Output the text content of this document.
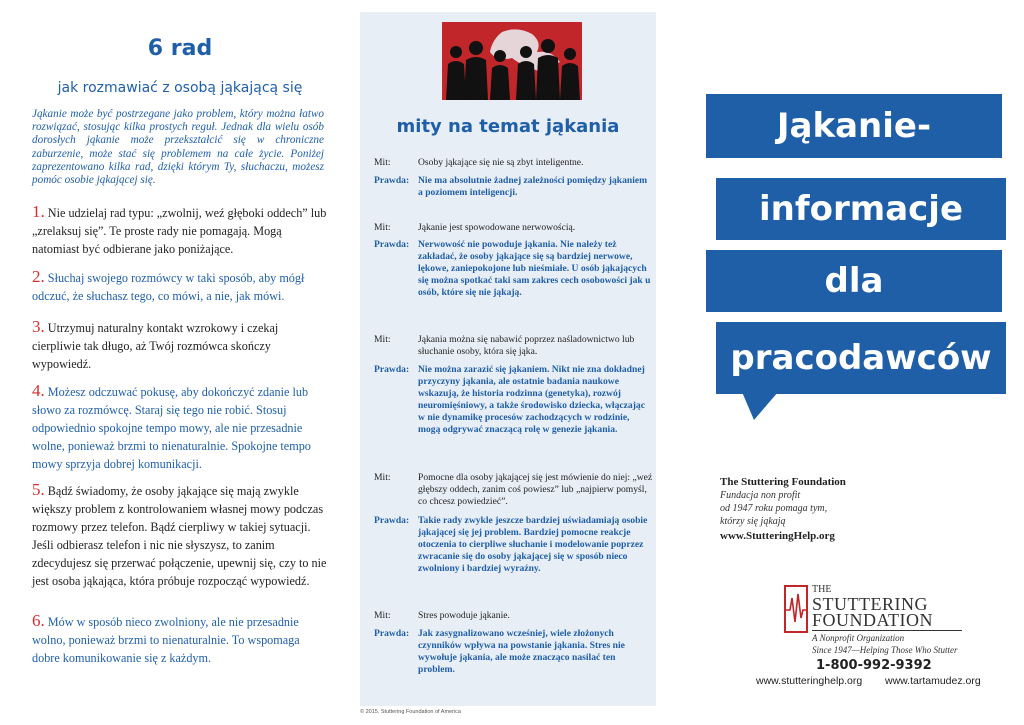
6 rad
jak rozmawiać z osobą jąkającą się
Jąkanie może być postrzegane jako problem, który można łatwo rozwiązać, stosując kilka prostych reguł. Jednak dla wielu osób dorosłych jąkanie może przekształcić się w chroniczne zaburzenie, może stać się problemem na całe życie. Poniżej zaprezentowano kilka rad, dzięki którym Ty, słuchaczu, możesz pomóc osobie jąkającej się.
1. Nie udzielaj rad typu: „zwolnij, weź głęboki oddech” lub „zrelaksuj się”. Te proste rady nie pomagają. Mogą natomiast być odbierane jako poniżające.
2. Słuchaj swojego rozmówcy w taki sposób, aby mógł odczuć, że słuchasz tego, co mówi, a nie, jak mówi.
3. Utrzymuj naturalny kontakt wzrokowy i czekaj cierpliwie tak długo, aż Twój rozmówca skończy wypowiedź.
4. Możesz odczuwać pokusę, aby dokończyć zdanie lub słowo za rozmówcę. Staraj się tego nie robić. Stosuj odpowiednio spokojne tempo mowy, ale nie przesadnie wolne, ponieważ brzmi to nienaturalnie. Spokojne tempo mowy sprzyja dobrej komunikacji.
5. Bądź świadomy, że osoby jąkające się mają zwykle większy problem z kontrolowaniem własnej mowy podczas rozmowy przez telefon. Bądź cierpliwy w takiej sytuacji. Jeśli odbierasz telefon i nic nie słyszysz, to zanim zdecydujesz się przerwać połączenie, upewnij się, czy to nie jest osoba jąkająca, która próbuje rozpocząć wypowiedź.
6. Mów w sposób nieco zwolniony, ale nie przesadnie wolno, ponieważ brzmi to nienaturalnie. To wspomaga dobre komunikowanie się z każdym.
mity na temat jąkania
Mit:	Osoby jąkające się nie są zbyt inteligentne.
Prawda: Nie ma absolutnie żadnej zależności pomiędzy jąkaniem a poziomem inteligencji.
Mit:	Jąkanie jest spowodowane nerwowością.
Prawda: Nerwowość nie powoduje jąkania. Nie należy też zakładać, że osoby jąkające się są bardziej nerwowe, lękowe, zaniepokojone lub nieśmiałe. U osób jąkających się można spotkać taki sam zakres cech osobowości jak u osób, które się nie jąkają.
Mit:	Jąkania można się nabawić poprzez naśladownictwo lub słuchanie osoby, która się jąka.
Prawda: Nie można zarazić się jąkaniem. Nikt nie zna dokładnej przyczyny jąkania, ale ostatnie badania naukowe wskazują, że historia rodzinna (genetyka), rozwój neuromięśniowy, a także środowisko dziecka, włączając w nie dynamikę procesów zachodzących w rodzinie, mogą odgrywać znaczącą rolę w genezie jąkania.
Mit:	Pomocne dla osoby jąkającej się jest mówienie do niej: „weź głębszy oddech, zanim coś powiesz” lub „najpierw pomyśl, co chcesz powiedzieć”.
Prawda: Takie rady zwykle jeszcze bardziej uświadamiają osobie jąkającej się jej problem. Bardziej pomocne reakcje otoczenia to cierpliwe słuchanie i modelowanie poprzez zwracanie się do osoby jąkającej się w sposób nieco zwolniony i bardziej wyraźny.
Mit:	Stres powoduje jąkanie.
Prawda: Jak zasygnalizowano wcześniej, wiele złożonych czynników wpływa na powstanie jąkania. Stres nie wywołuje jąkania, ale może znacząco nasilać ten problem.
© 2015, Stuttering Foundation of America
Jąkanie-
informacje
dla
pracodawców
The Stuttering Foundation
Fundacja non profit
od 1947 roku pomaga tym,
którzy się jąkają
www.StutteringHelp.org
THE
STUTTERING
FOUNDATION
A Nonprofit Organization
Since 1947—Helping Those Who Stutter
1-800-992-9392
www.stutteringhelp.org www.tartamudez.org
